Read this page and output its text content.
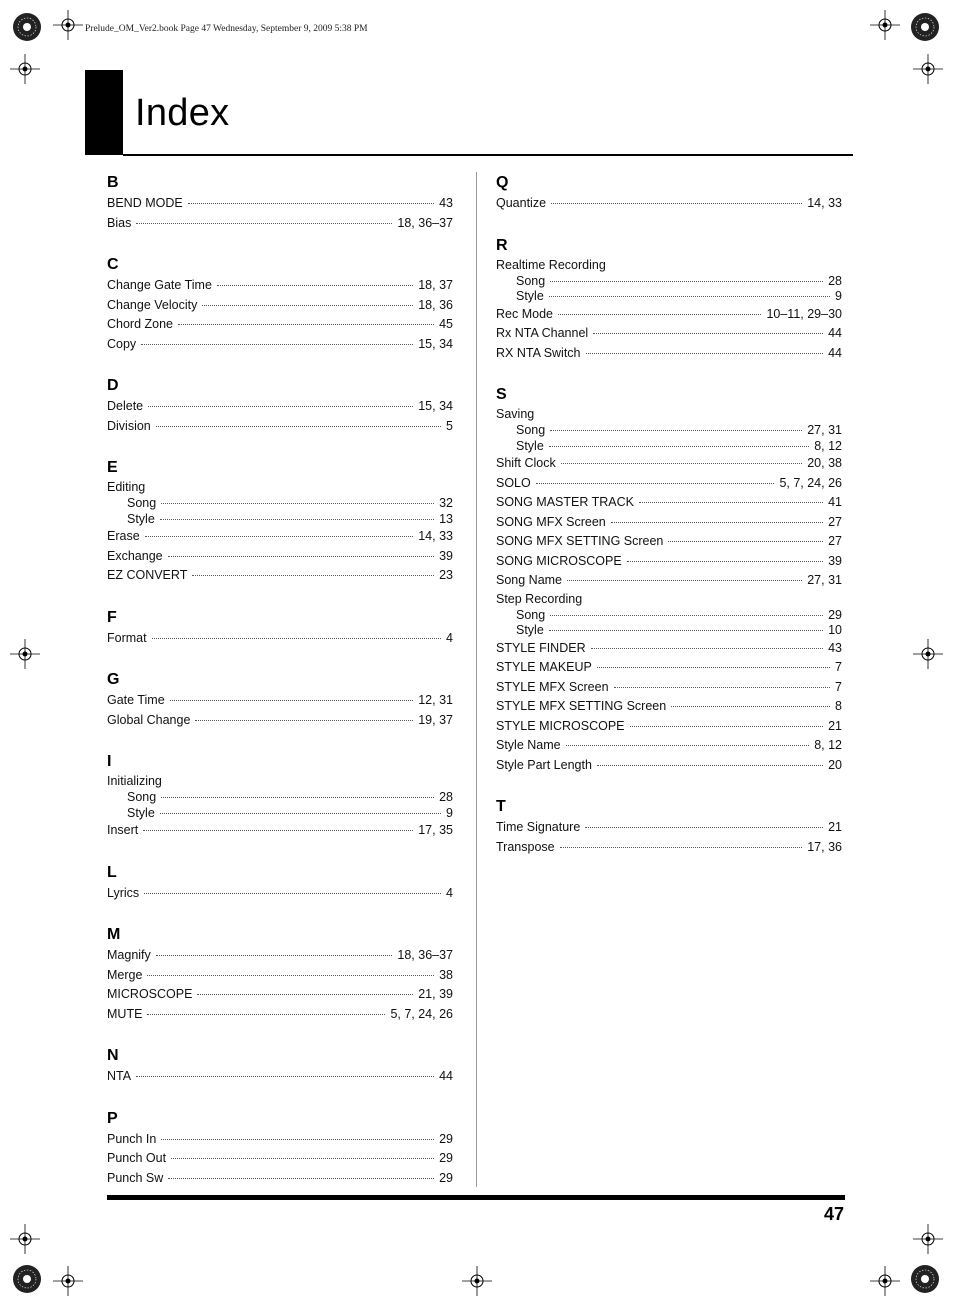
Prelude_OM_Ver2.book Page 47 Wednesday, September 9, 2009 5:38 PM
Index
B
BEND MODE	43
Bias	18, 36–37
C
Change Gate Time	18, 37
Change Velocity	18, 36
Chord Zone	45
Copy	15, 34
D
Delete	15, 34
Division	5
E
Editing
Song	32
Style	13
Erase	14, 33
Exchange	39
EZ CONVERT	23
F
Format	4
G
Gate Time	12, 31
Global Change	19, 37
I
Initializing
Song	28
Style	9
Insert	17, 35
L
Lyrics	4
M
Magnify	18, 36–37
Merge	38
MICROSCOPE	21, 39
MUTE	5, 7, 24, 26
N
NTA	44
P
Punch In	29
Punch Out	29
Punch Sw	29
Q
Quantize	14, 33
R
Realtime Recording
Song	28
Style	9
Rec Mode	10–11, 29–30
Rx NTA Channel	44
RX NTA Switch	44
S
Saving
Song	27, 31
Style	8, 12
Shift Clock	20, 38
SOLO	5, 7, 24, 26
SONG MASTER TRACK	41
SONG MFX Screen	27
SONG MFX SETTING Screen	27
SONG MICROSCOPE	39
Song Name	27, 31
Step Recording
Song	29
Style	10
STYLE FINDER	43
STYLE MAKEUP	7
STYLE MFX Screen	7
STYLE MFX SETTING Screen	8
STYLE MICROSCOPE	21
Style Name	8, 12
Style Part Length	20
T
Time Signature	21
Transpose	17, 36
47
